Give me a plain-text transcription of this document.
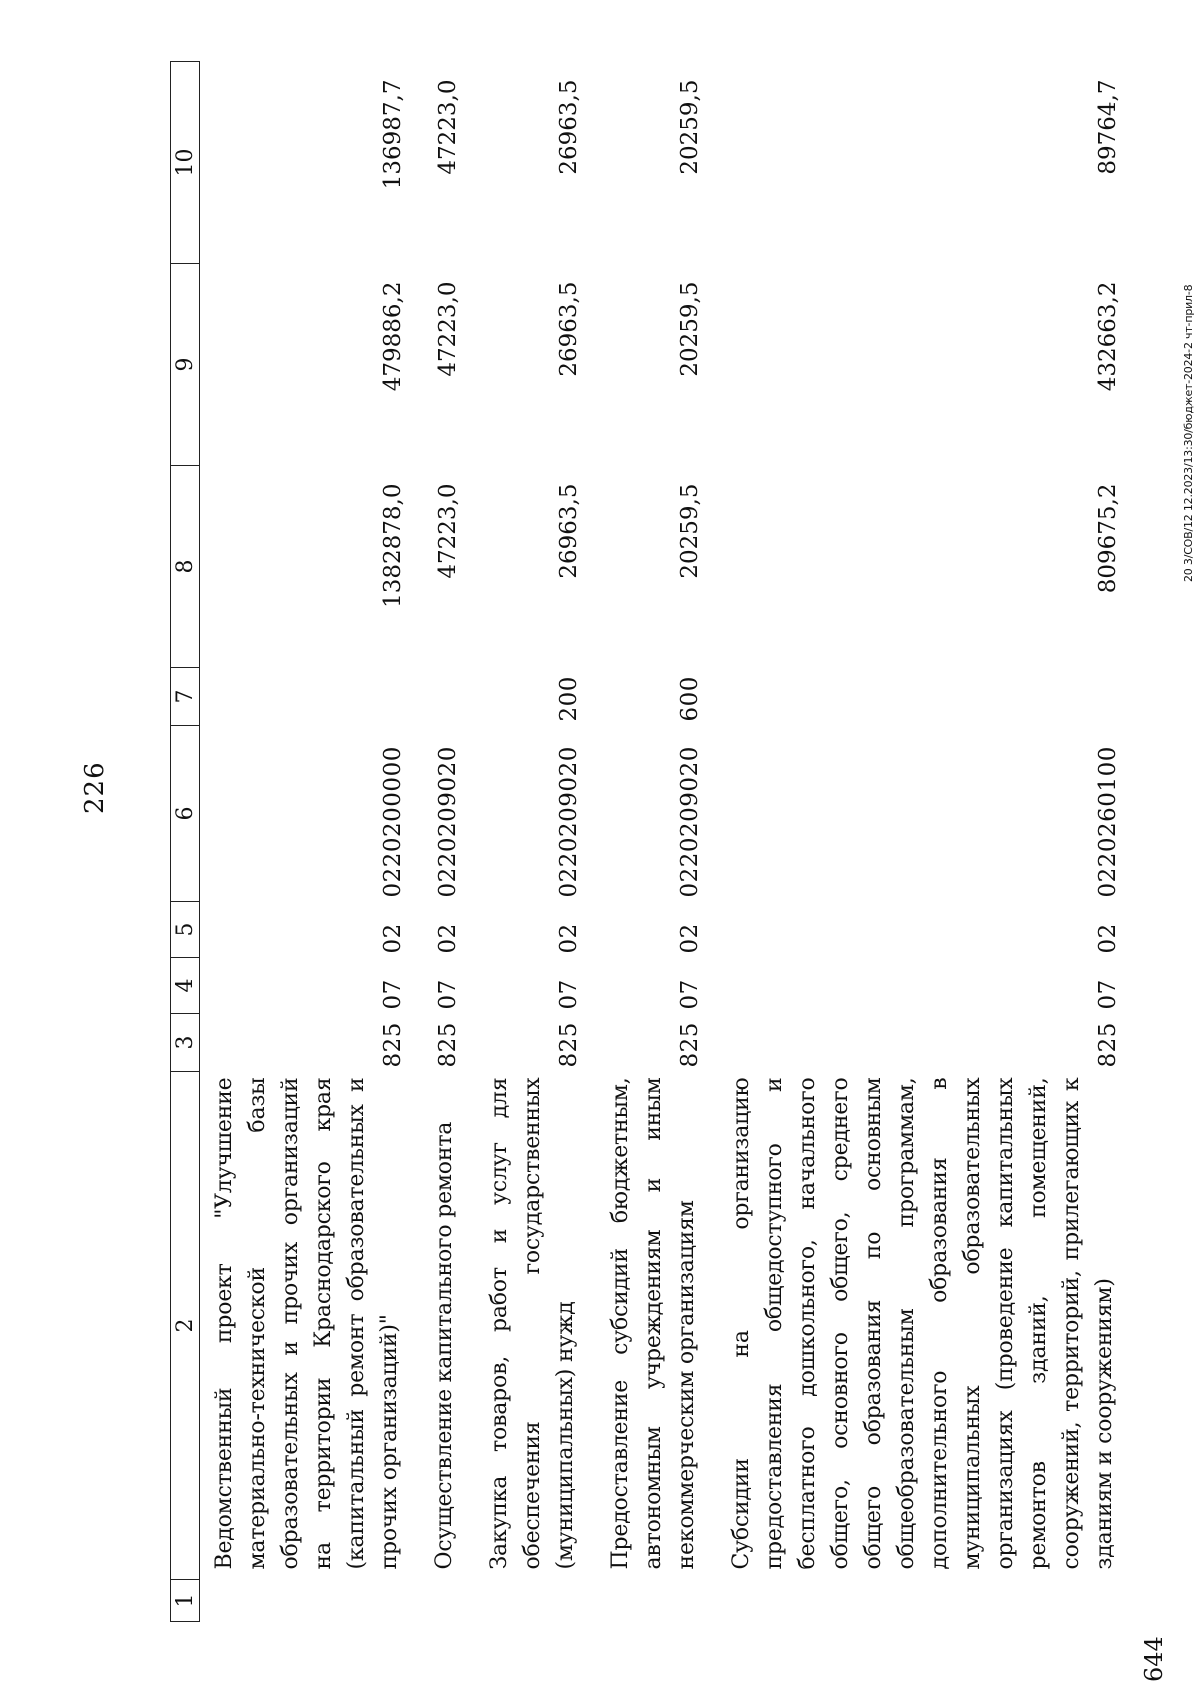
226
1	2	3	4	5	6	7	8	9	10
	Ведомственный проект "Улучшение материально-технической базы образовательных и прочих организаций на территории Краснодарского края (капитальный ремонт образовательных и прочих организаций)"	825	07	02	0220200000		1382878,0	479886,2	136987,7
	Осуществление капитального ремонта	825	07	02	0220209020		47223,0	47223,0	47223,0
	Закупка товаров, работ и услуг для обеспечения государственных (муниципальных) нужд	825	07	02	0220209020	200	26963,5	26963,5	26963,5
	Предоставление субсидий бюджетным, автономным учреждениям и иным некоммерческим организациям	825	07	02	0220209020	600	20259,5	20259,5	20259,5
	Субсидии на организацию предоставления общедоступного и бесплатного дошкольного, начального общего, основного общего, среднего общего образования по основным общеобразовательным программам, дополнительного образования в муниципальных образовательных организациях (проведение капитальных ремонтов зданий, помещений, сооружений, территорий, прилегающих к зданиям и сооружениям)	825	07	02	0220260100		809675,2	432663,2	89764,7
20 3/СОВ/12 12.2023/13:30/бюджет-2024-2 чт-прил-8
644
